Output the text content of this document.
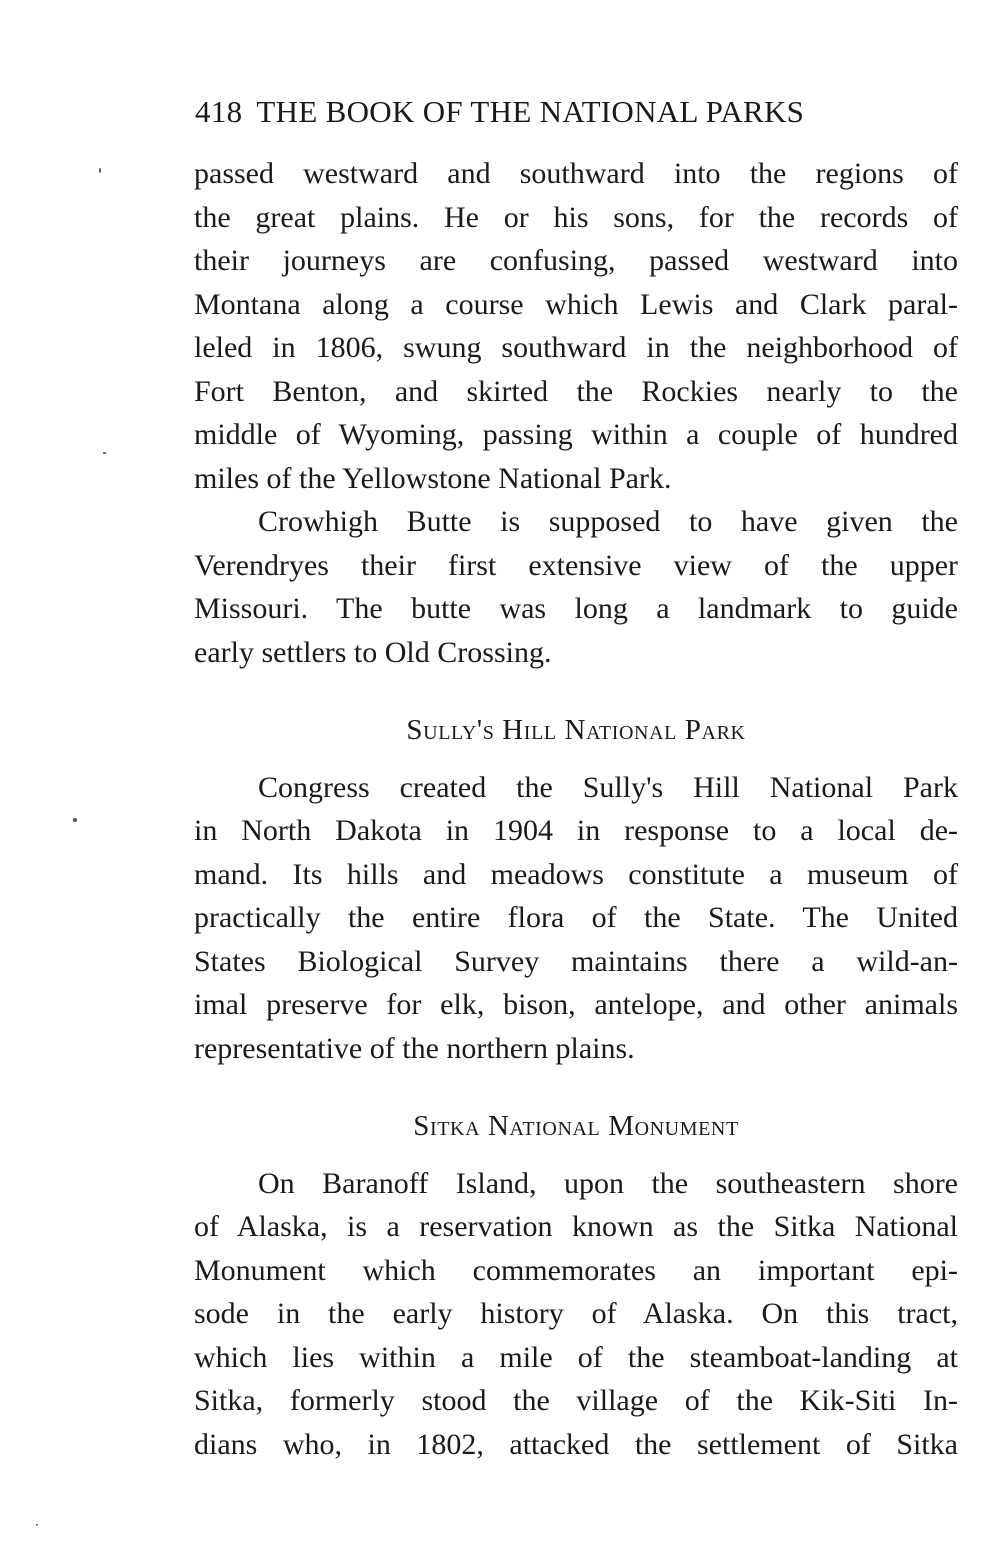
418 THE BOOK OF THE NATIONAL PARKS
passed westward and southward into the regions of
the great plains. He or his sons, for the records of
their journeys are confusing, passed westward into
Montana along a course which Lewis and Clark paral-
leled in 1806, swung southward in the neighborhood of
Fort Benton, and skirted the Rockies nearly to the
middle of Wyoming, passing within a couple of hundred
miles of the Yellowstone National Park.
Crowhigh Butte is supposed to have given the
Verendryes their first extensive view of the upper
Missouri. The butte was long a landmark to guide
early settlers to Old Crossing.
Sully's Hill National Park
Congress created the Sully's Hill National Park
in North Dakota in 1904 in response to a local de-
mand. Its hills and meadows constitute a museum of
practically the entire flora of the State. The United
States Biological Survey maintains there a wild-an-
imal preserve for elk, bison, antelope, and other animals
representative of the northern plains.
Sitka National Monument
On Baranoff Island, upon the southeastern shore
of Alaska, is a reservation known as the Sitka National
Monument which commemorates an important epi-
sode in the early history of Alaska. On this tract,
which lies within a mile of the steamboat-landing at
Sitka, formerly stood the village of the Kik-Siti In-
dians who, in 1802, attacked the settlement of Sitka
